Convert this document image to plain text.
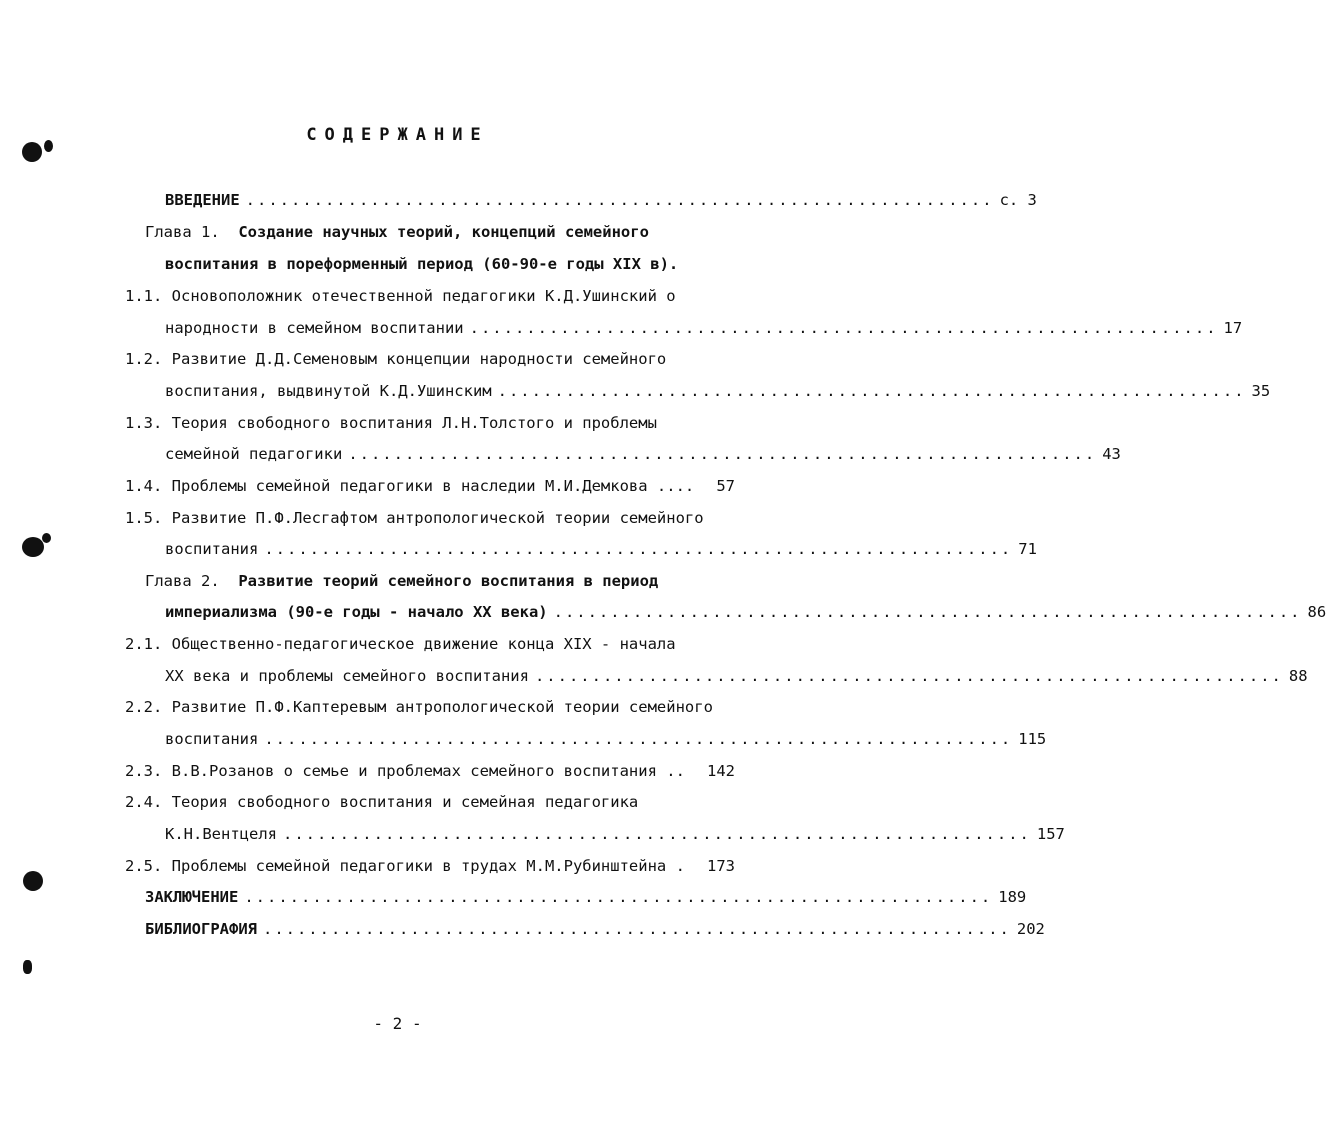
СОДЕРЖАНИЕ
ВВЕДЕНИЕ .................................................................. с. 3
Глава 1. Создание научных теорий, концепций семейного
воспитания в пореформенный период (60-90-е годы XIX в).
1.1. Основоположник отечественной педагогики К.Д.Ушинский о
народности в семейном воспитании .................................................................. 17
1.2. Развитие Д.Д.Семеновым концепции народности семейного
воспитания, выдвинутой К.Д.Ушинским .................................................................. 35
1.3. Теория свободного воспитания Л.Н.Толстого и проблемы
семейной педагогики .................................................................. 43
1.4.
Проблемы семейной педагогики в наследии М.И.Демкова .... 57
1.5. Развитие П.Ф.Лесгафтом антропологической теории семейного
воспитания .................................................................. 71
Глава 2. Развитие теорий семейного воспитания в период
империализма (90-е годы - начало XX века) .................................................................. 86
2.1. Общественно-педагогическое движение конца XIX - начала
XX века и проблемы семейного воспитания .................................................................. 88
2.2. Развитие П.Ф.Каптеревым антропологической теории семейного
воспитания .................................................................. 115
2.3.
В.В.Розанов о семье и проблемах семейного воспитания .. 142
2.4. Теория свободного воспитания и семейная педагогика
К.Н.Вентцеля .................................................................. 157
2.5.
Проблемы семейной педагогики в трудах М.М.Рубинштейна . 173
ЗАКЛЮЧЕНИЕ .................................................................. 189
БИБЛИОГРАФИЯ .................................................................. 202
- 2 -
